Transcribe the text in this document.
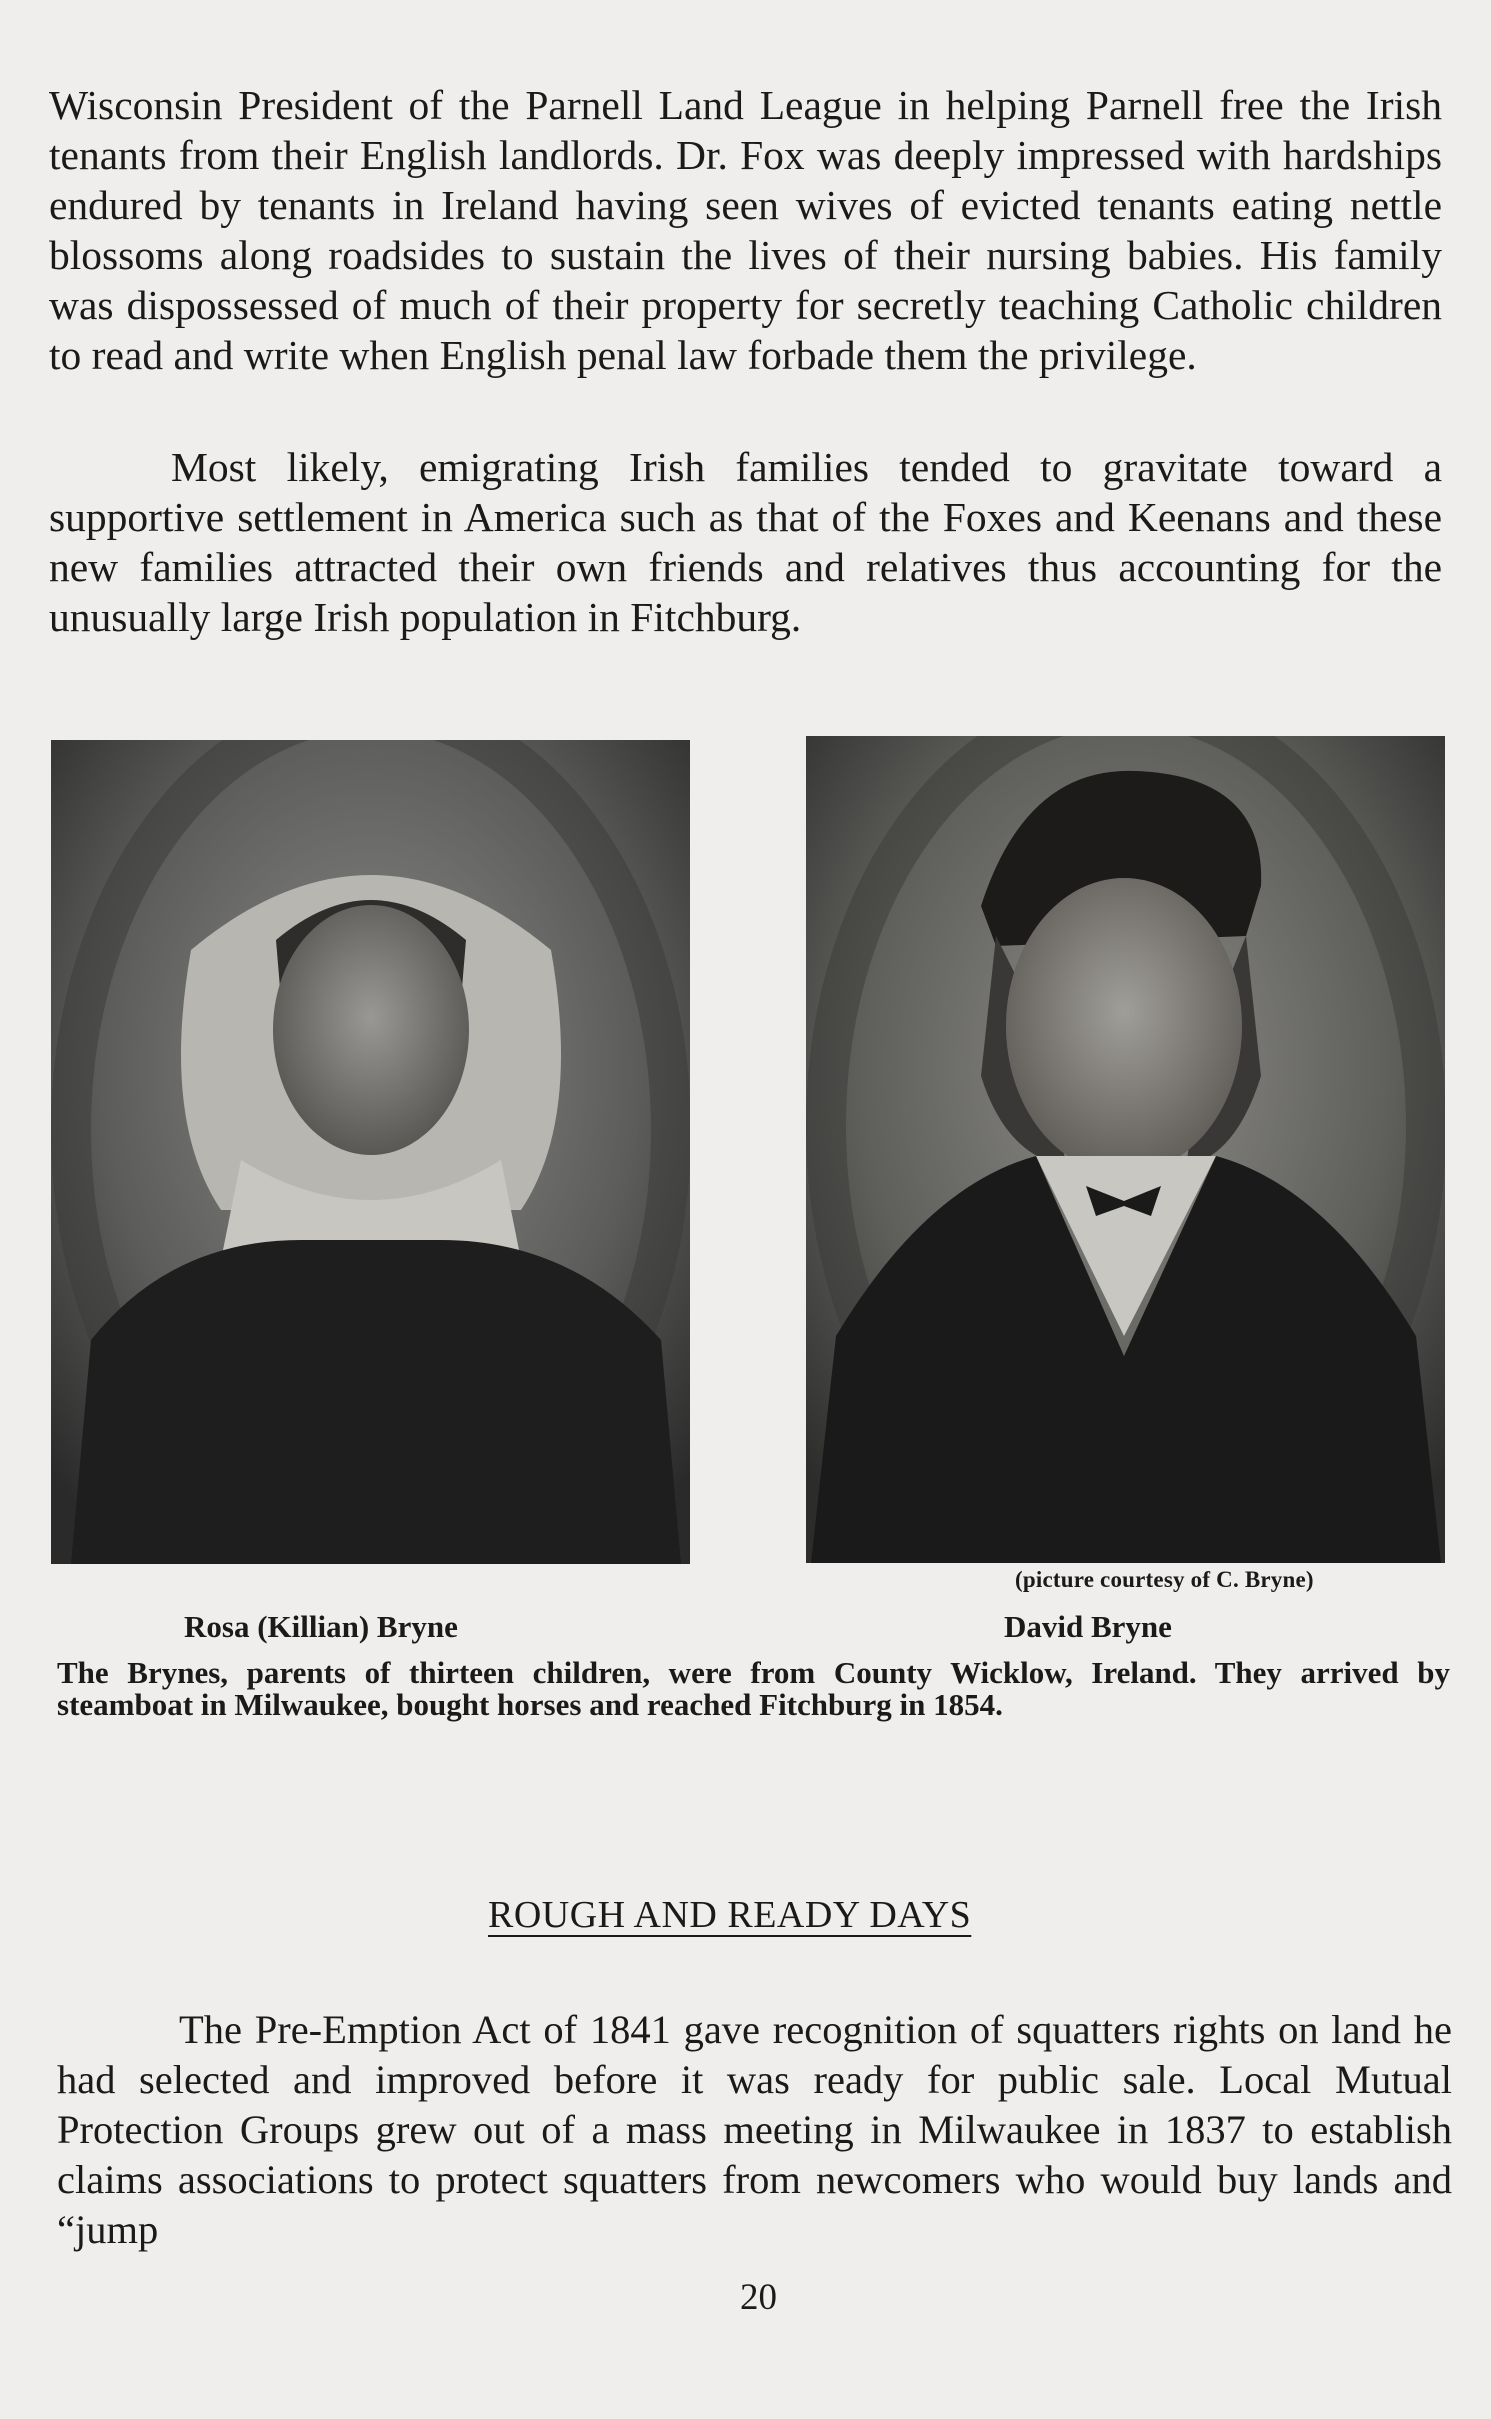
Wisconsin President of the Parnell Land League in helping Parnell free the Irish tenants from their English landlords. Dr. Fox was deeply impressed with hardships endured by tenants in Ireland having seen wives of evicted tenants eating nettle blossoms along roadsides to sustain the lives of their nursing babies. His family was dispossessed of much of their property for secretly teaching Catholic children to read and write when English penal law forbade them the privilege.

Most likely, emigrating Irish families tended to gravitate toward a supportive settlement in America such as that of the Foxes and Keenans and these new families attracted their own friends and relatives thus accounting for the unusually large Irish population in Fitchburg.

(picture courtesy of C. Bryne)
Rosa (Killian) Bryne	David Bryne

The Brynes, parents of thirteen children, were from County Wicklow, Ireland. They arrived by steamboat in Milwaukee, bought horses and reached Fitchburg in 1854.

ROUGH AND READY DAYS

The Pre-Emption Act of 1841 gave recognition of squatters rights on land he had selected and improved before it was ready for public sale. Local Mutual Protection Groups grew out of a mass meeting in Milwaukee in 1837 to establish claims associations to protect squatters from newcomers who would buy lands and “jump

20
